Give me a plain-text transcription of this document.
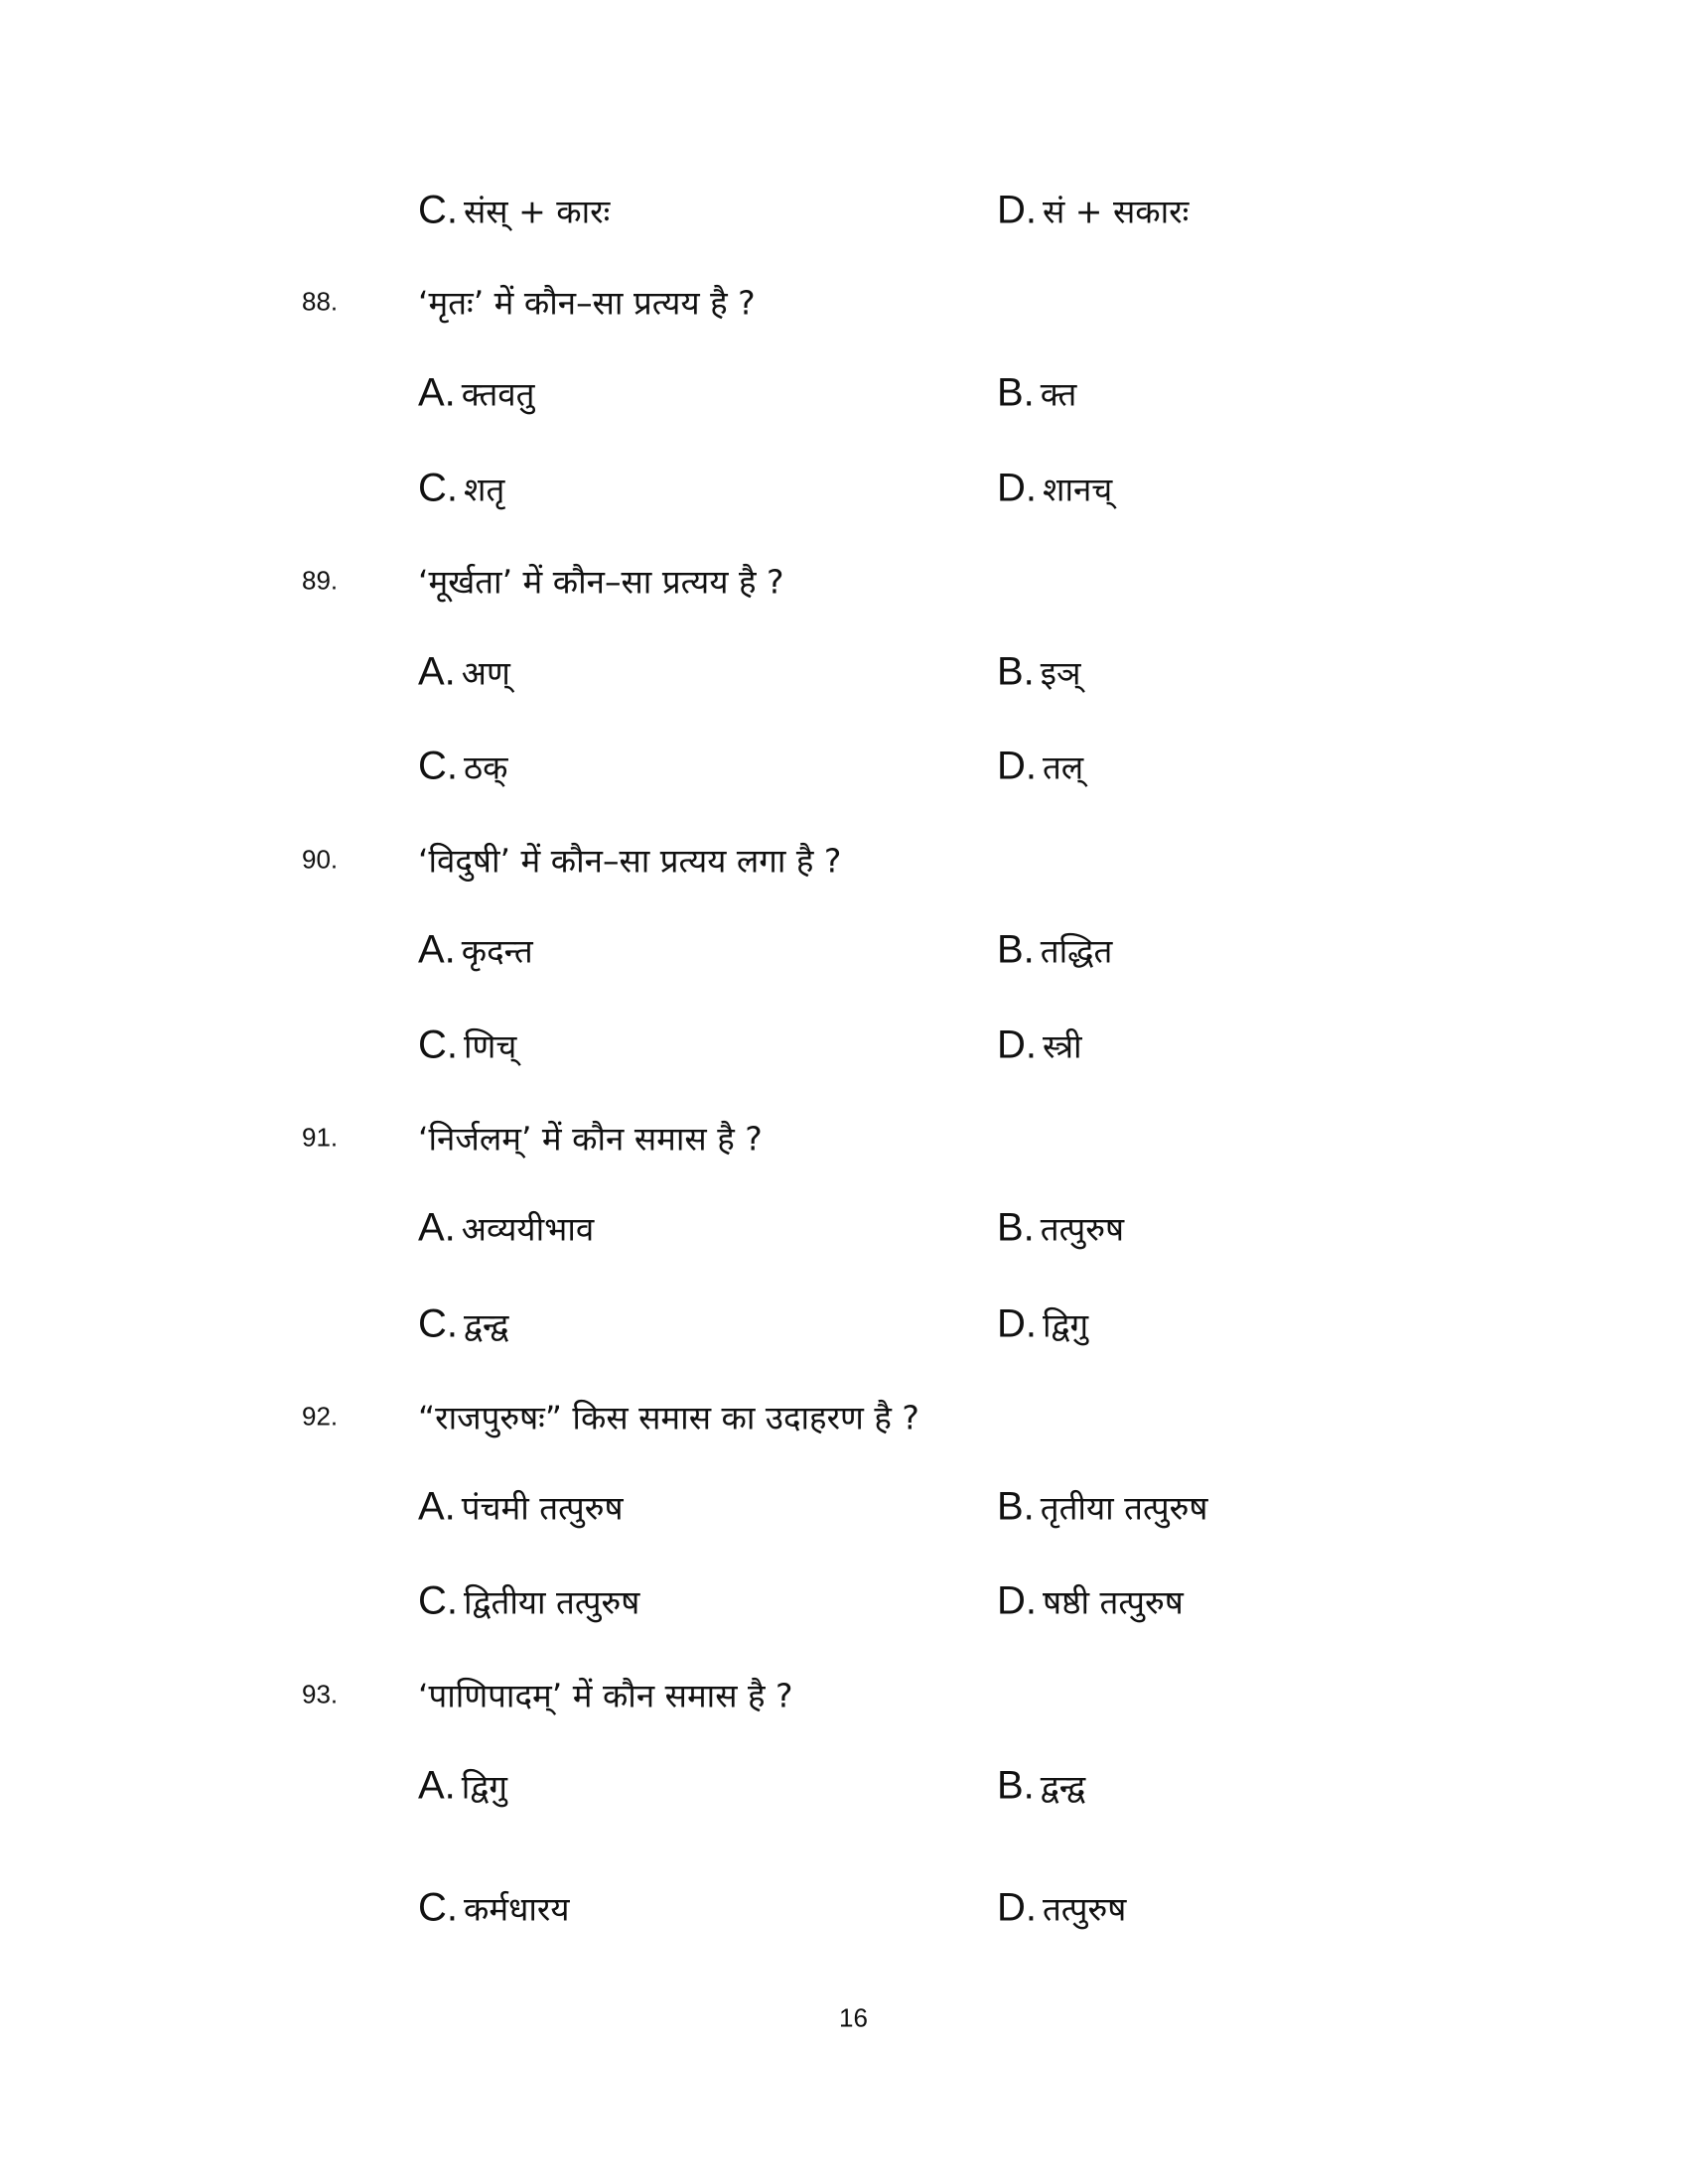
C. संस् + कारः	D. सं + सकारः
88. ‘मृतः’ में कौन–सा प्रत्यय है ?
A. क्तवतु	B. क्त
C. शतृ	D. शानच्
89. ‘मूर्खता’ में कौन–सा प्रत्यय है ?
A. अण्	B. इञ्
C. ठक्	D. तल्
90. ‘विदुषी’ में कौन–सा प्रत्यय लगा है ?
A. कृदन्त	B. तद्धित
C. णिच्	D. स्त्री
91. ‘निर्जलम्’ में कौन समास है ?
A. अव्ययीभाव	B. तत्पुरुष
C. द्वन्द्व	D. द्विगु
92. “राजपुरुषः” किस समास का उदाहरण है ?
A. पंचमी तत्पुरुष	B. तृतीया तत्पुरुष
C. द्वितीया तत्पुरुष	D. षष्ठी तत्पुरुष
93. ‘पाणिपादम्’ में कौन समास है ?
A. द्विगु	B. द्वन्द्व
C. कर्मधारय	D. तत्पुरुष
16
